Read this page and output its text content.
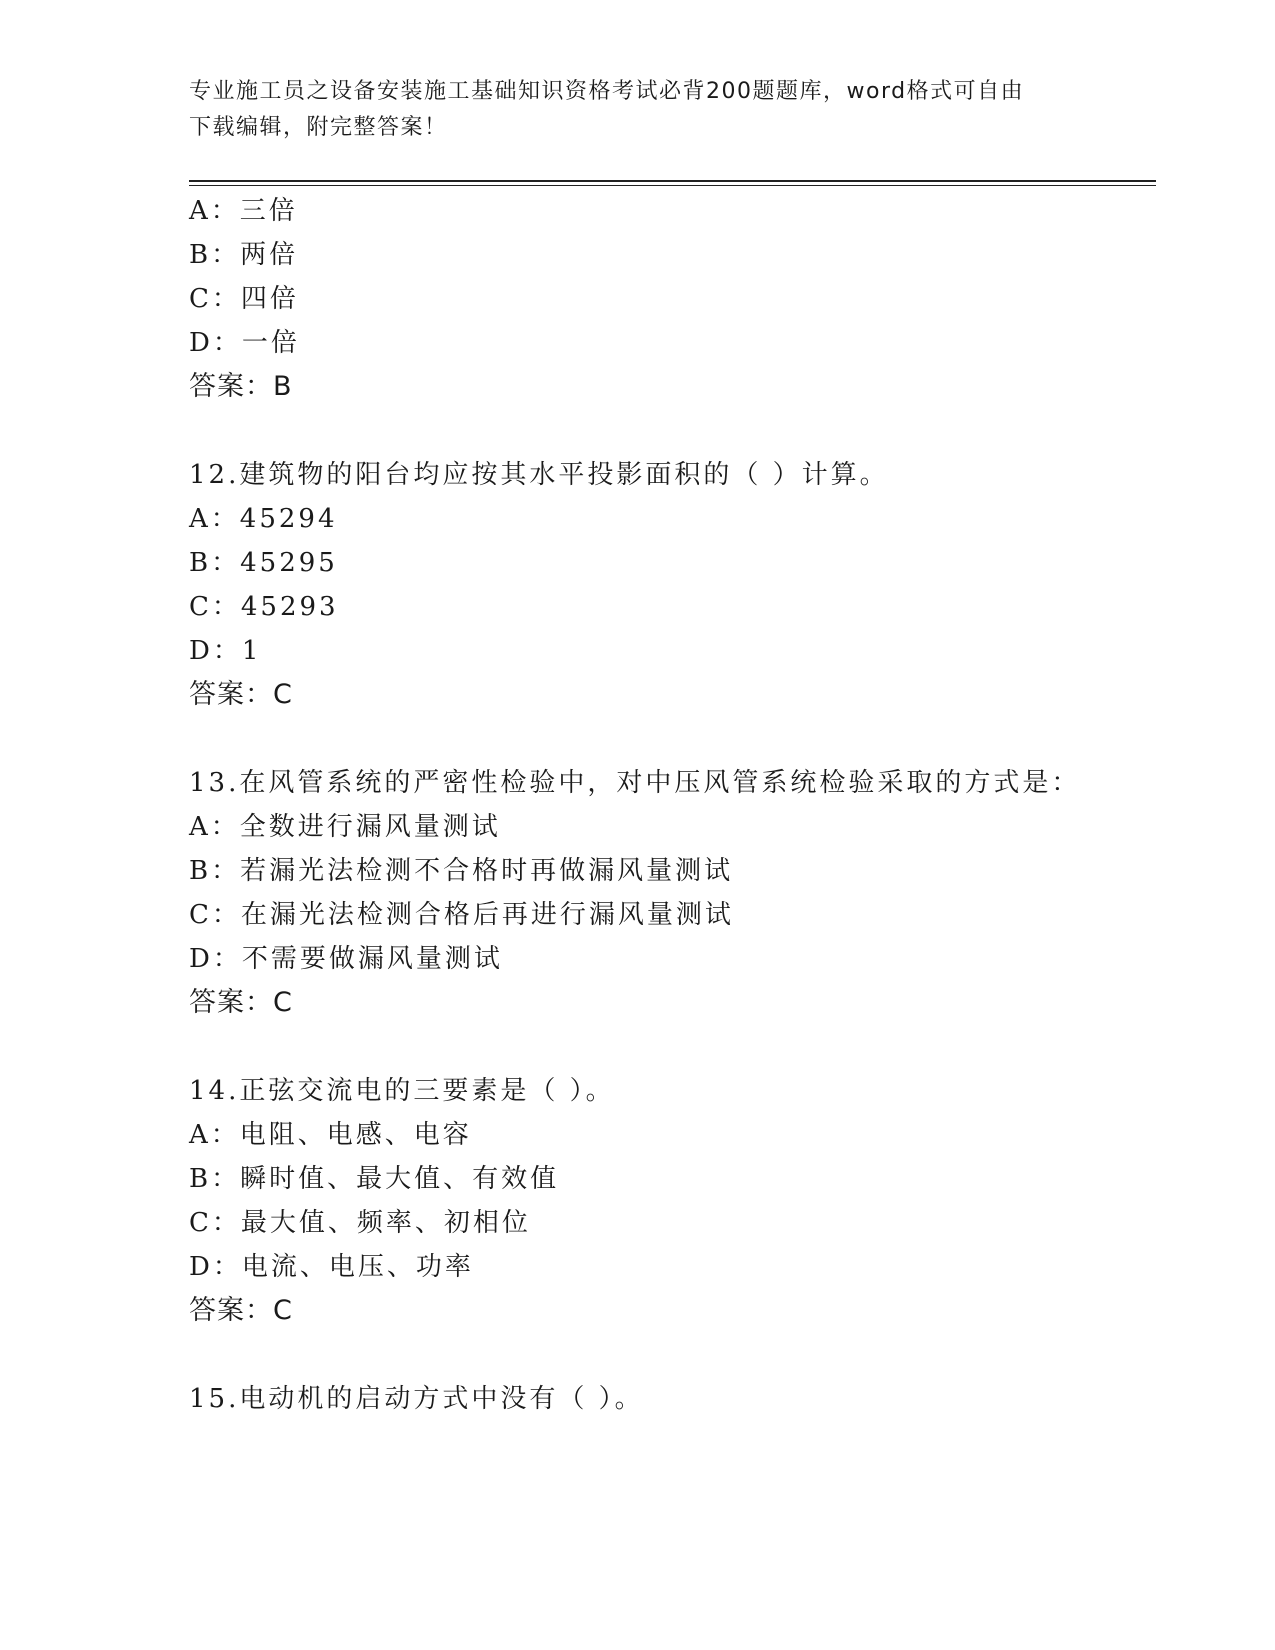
专业施工员之设备安装施工基础知识资格考试必背200题题库，word格式可自由
下载编辑，附完整答案！
A：三倍
B：两倍
C：四倍
D：一倍
答案：B
12.建筑物的阳台均应按其水平投影面积的（ ）计算。
A：45294
B：45295
C：45293
D：1
答案：C
13.在风管系统的严密性检验中，对中压风管系统检验采取的方式是：
A：全数进行漏风量测试
B：若漏光法检测不合格时再做漏风量测试
C：在漏光法检测合格后再进行漏风量测试
D：不需要做漏风量测试
答案：C
14.正弦交流电的三要素是（ ）。
A：电阻、电感、电容
B：瞬时值、最大值、有效值
C：最大值、频率、初相位
D：电流、电压、功率
答案：C
15.电动机的启动方式中没有（ ）。
